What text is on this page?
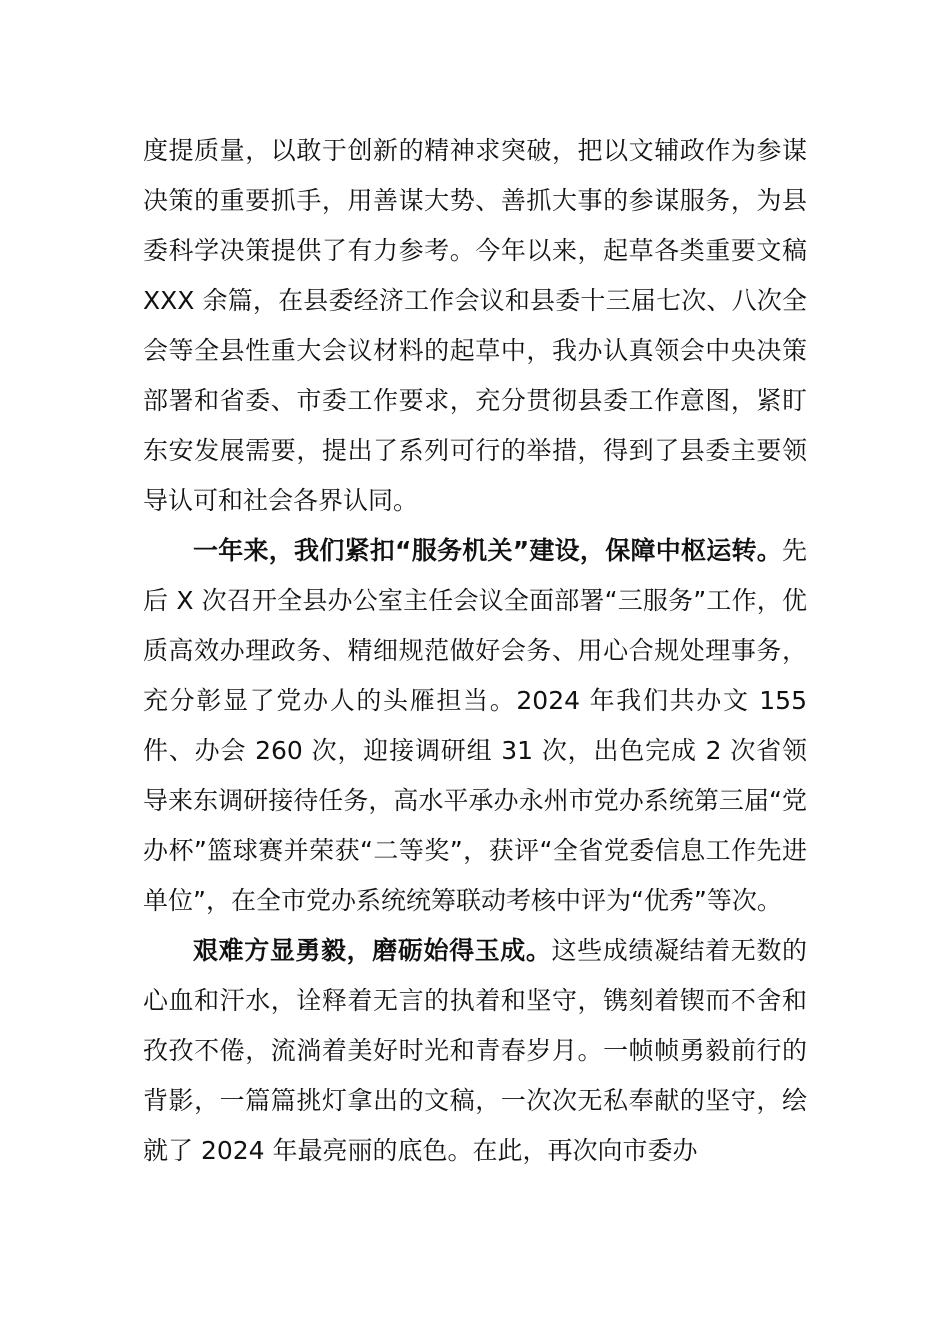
度提质量，以敢于创新的精神求突破，把以文辅政作为参谋决策的重要抓手，用善谋大势、善抓大事的参谋服务，为县委科学决策提供了有力参考。今年以来，起草各类重要文稿 XXX 余篇，在县委经济工作会议和县委十三届七次、八次全会等全县性重大会议材料的起草中，我办认真领会中央决策部署和省委、市委工作要求，充分贯彻县委工作意图，紧盯东安发展需要，提出了系列可行的举措，得到了县委主要领导认可和社会各界认同。

一年来，我们紧扣“服务机关”建设，保障中枢运转。先后 X 次召开全县办公室主任会议全面部署“三服务”工作，优质高效办理政务、精细规范做好会务、用心合规处理事务，充分彰显了党办人的头雁担当。2024 年我们共办文 155 件、办会 260 次，迎接调研组 31 次，出色完成 2 次省领导来东调研接待任务，高水平承办永州市党办系统第三届“党办杯”篮球赛并荣获“二等奖”，获评“全省党委信息工作先进单位”，在全市党办系统统筹联动考核中评为“优秀”等次。

艰难方显勇毅，磨砺始得玉成。这些成绩凝结着无数的心血和汗水，诠释着无言的执着和坚守，镌刻着锲而不舍和孜孜不倦，流淌着美好时光和青春岁月。一帧帧勇毅前行的背影，一篇篇挑灯拿出的文稿，一次次无私奉献的坚守，绘就了 2024 年最亮丽的底色。在此，再次向市委办
